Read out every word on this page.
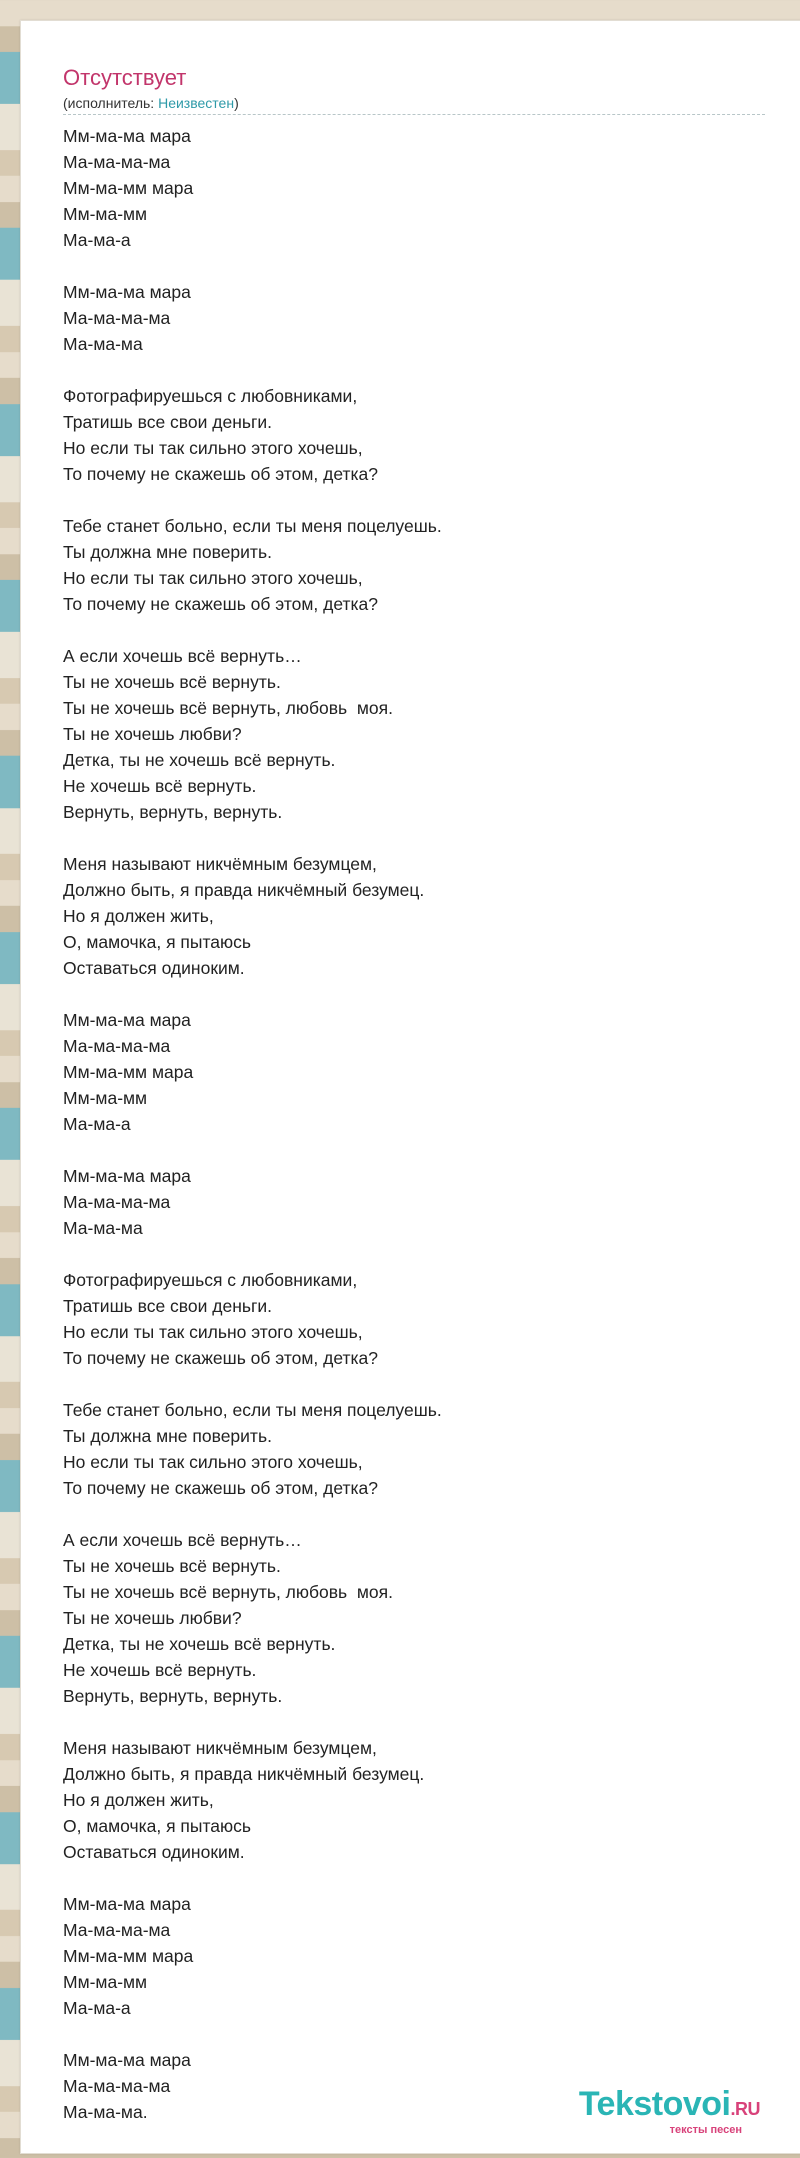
Отсутствует
(исполнитель: Неизвестен)
Мм-ма-ма мара
Ма-ма-ма-ма
Мм-ма-мм мара
Мм-ма-мм
Ма-ма-а
Мм-ма-ма мара
Ма-ма-ма-ма
Ма-ма-ма
Фотографируешься с любовниками,
Тратишь все свои деньги.
Но если ты так сильно этого хочешь,
То почему не скажешь об этом, детка?
Тебе станет больно, если ты меня поцелуешь.
Ты должна мне поверить.
Но если ты так сильно этого хочешь,
То почему не скажешь об этом, детка?
А если хочешь всё вернуть…
Ты не хочешь всё вернуть.
Ты не хочешь всё вернуть, любовь  моя.
Ты не хочешь любви?
Детка, ты не хочешь всё вернуть.
Не хочешь всё вернуть.
Вернуть, вернуть, вернуть.
Меня называют никчёмным безумцем,
Должно быть, я правда никчёмный безумец.
Но я должен жить,
О, мамочка, я пытаюсь
Оставаться одиноким.
Мм-ма-ма мара
Ма-ма-ма-ма
Мм-ма-мм мара
Мм-ма-мм
Ма-ма-а
Мм-ма-ма мара
Ма-ма-ма-ма
Ма-ма-ма
Фотографируешься с любовниками,
Тратишь все свои деньги.
Но если ты так сильно этого хочешь,
То почему не скажешь об этом, детка?
Тебе станет больно, если ты меня поцелуешь.
Ты должна мне поверить.
Но если ты так сильно этого хочешь,
То почему не скажешь об этом, детка?
А если хочешь всё вернуть…
Ты не хочешь всё вернуть.
Ты не хочешь всё вернуть, любовь  моя.
Ты не хочешь любви?
Детка, ты не хочешь всё вернуть.
Не хочешь всё вернуть.
Вернуть, вернуть, вернуть.
Меня называют никчёмным безумцем,
Должно быть, я правда никчёмный безумец.
Но я должен жить,
О, мамочка, я пытаюсь
Оставаться одиноким.
Мм-ма-ма мара
Ма-ма-ма-ма
Мм-ма-мм мара
Мм-ма-мм
Ма-ма-а
Мм-ма-ма мара
Ма-ма-ма-ма
Ма-ма-ма.	Tekstovoi.RU
тексты песен
